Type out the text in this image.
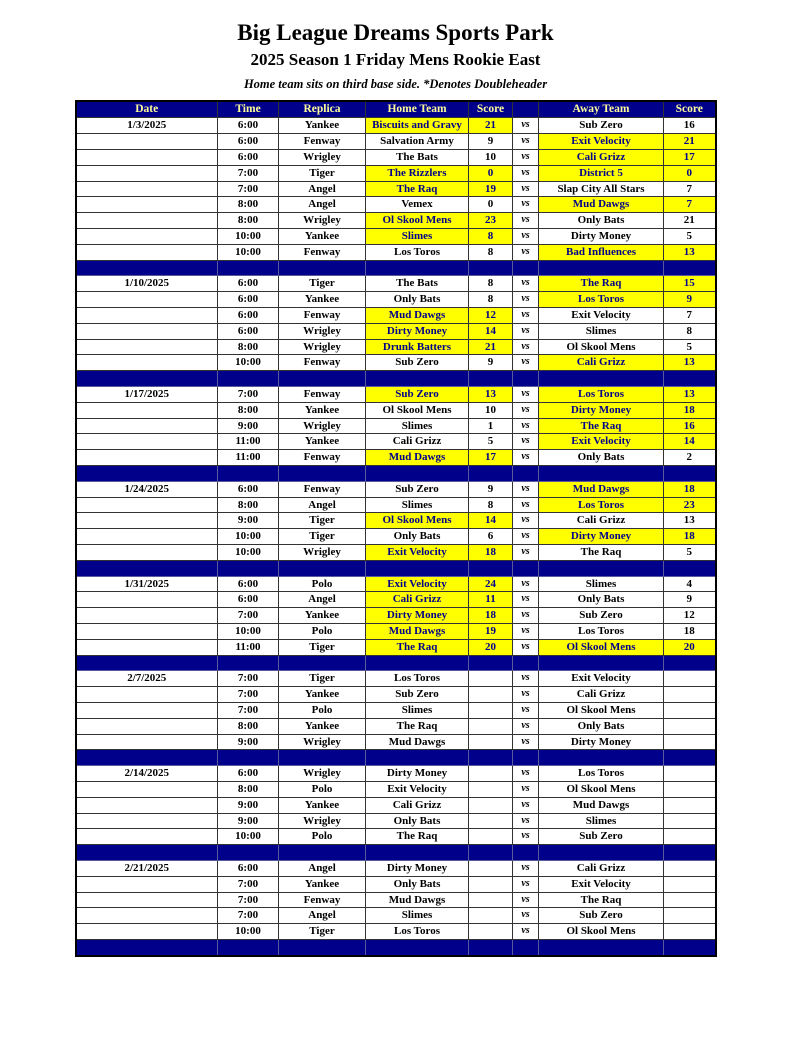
Big League Dreams Sports Park
2025 Season 1 Friday Mens Rookie East
Home team sits on third base side. *Denotes Doubleheader
Date	Time	Replica	Home Team	Score		Away Team	Score
1/3/2025	6:00	Yankee	Biscuits and Gravy	21	vs	Sub Zero	16
	6:00	Fenway	Salvation Army	9	vs	Exit Velocity	21
	6:00	Wrigley	The Bats	10	vs	Cali Grizz	17
	7:00	Tiger	The Rizzlers	0	vs	District 5	0
	7:00	Angel	The Raq	19	vs	Slap City All Stars	7
	8:00	Angel	Vemex	0	vs	Mud Dawgs	7
	8:00	Wrigley	Ol Skool Mens	23	vs	Only Bats	21
	10:00	Yankee	Slimes	8	vs	Dirty Money	5
	10:00	Fenway	Los Toros	8	vs	Bad Influences	13

1/10/2025	6:00	Tiger	The Bats	8	vs	The Raq	15
	6:00	Yankee	Only Bats	8	vs	Los Toros	9
	6:00	Fenway	Mud Dawgs	12	vs	Exit Velocity	7
	6:00	Wrigley	Dirty Money	14	vs	Slimes	8
	8:00	Wrigley	Drunk Batters	21	vs	Ol Skool Mens	5
	10:00	Fenway	Sub Zero	9	vs	Cali Grizz	13

1/17/2025	7:00	Fenway	Sub Zero	13	vs	Los Toros	13
	8:00	Yankee	Ol Skool Mens	10	vs	Dirty Money	18
	9:00	Wrigley	Slimes	1	vs	The Raq	16
	11:00	Yankee	Cali Grizz	5	vs	Exit Velocity	14
	11:00	Fenway	Mud Dawgs	17	vs	Only Bats	2

1/24/2025	6:00	Fenway	Sub Zero	9	vs	Mud Dawgs	18
	8:00	Angel	Slimes	8	vs	Los Toros	23
	9:00	Tiger	Ol Skool Mens	14	vs	Cali Grizz	13
	10:00	Tiger	Only Bats	6	vs	Dirty Money	18
	10:00	Wrigley	Exit Velocity	18	vs	The Raq	5

1/31/2025	6:00	Polo	Exit Velocity	24	vs	Slimes	4
	6:00	Angel	Cali Grizz	11	vs	Only Bats	9
	7:00	Yankee	Dirty Money	18	vs	Sub Zero	12
	10:00	Polo	Mud Dawgs	19	vs	Los Toros	18
	11:00	Tiger	The Raq	20	vs	Ol Skool Mens	20

2/7/2025	7:00	Tiger	Los Toros		vs	Exit Velocity	
	7:00	Yankee	Sub Zero		vs	Cali Grizz	
	7:00	Polo	Slimes		vs	Ol Skool Mens	
	8:00	Yankee	The Raq		vs	Only Bats	
	9:00	Wrigley	Mud Dawgs		vs	Dirty Money	

2/14/2025	6:00	Wrigley	Dirty Money		vs	Los Toros	
	8:00	Polo	Exit Velocity		vs	Ol Skool Mens	
	9:00	Yankee	Cali Grizz		vs	Mud Dawgs	
	9:00	Wrigley	Only Bats		vs	Slimes	
	10:00	Polo	The Raq		vs	Sub Zero	

2/21/2025	6:00	Angel	Dirty Money		vs	Cali Grizz	
	7:00	Yankee	Only Bats		vs	Exit Velocity	
	7:00	Fenway	Mud Dawgs		vs	The Raq	
	7:00	Angel	Slimes		vs	Sub Zero	
	10:00	Tiger	Los Toros		vs	Ol Skool Mens	
